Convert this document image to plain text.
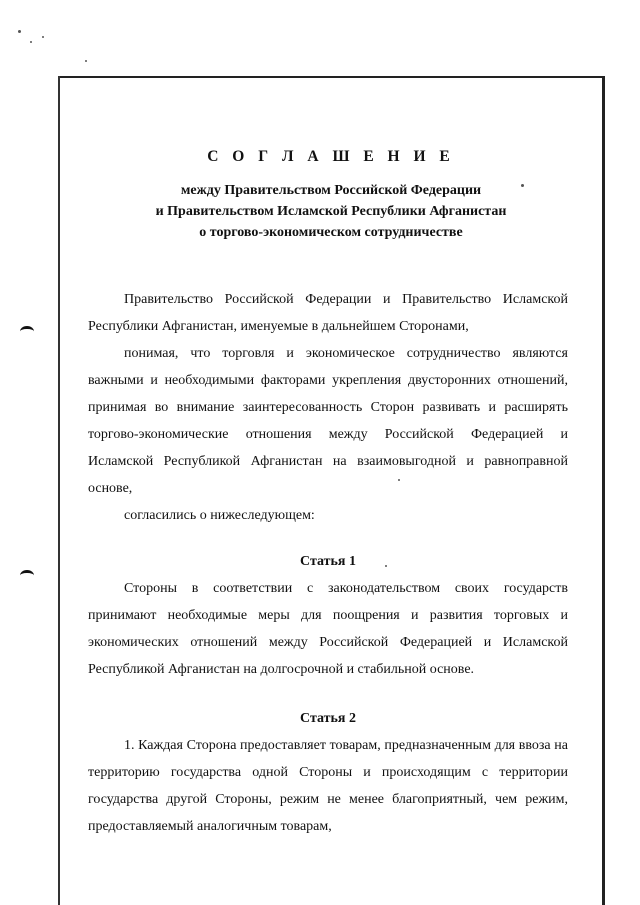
С О Г Л А Ш Е Н И Е
между Правительством Российской Федерации
и Правительством Исламской Республики Афганистан
о торгово-экономическом сотрудничестве

Правительство Российской Федерации и Правительство Исламской Республики Афганистан, именуемые в дальнейшем Сторонами,

понимая, что торговля и экономическое сотрудничество являются важными и необходимыми факторами укрепления двусторонних отношений, принимая во внимание заинтересованность Сторон развивать и расширять торгово-экономические отношения между Российской Федерацией и Исламской Республикой Афганистан на взаимовыгодной и равноправной основе,

согласились о нижеследующем:

Статья 1

Стороны в соответствии с законодательством своих государств принимают необходимые меры для поощрения и развития торговых и экономических отношений между Российской Федерацией и Исламской Республикой Афганистан на долгосрочной и стабильной основе.

Статья 2

1. Каждая Сторона предоставляет товарам, предназначенным для ввоза на территорию государства одной Стороны и происходящим с территории государства другой Стороны, режим не менее благоприятный, чем режим, предоставляемый аналогичным товарам,
